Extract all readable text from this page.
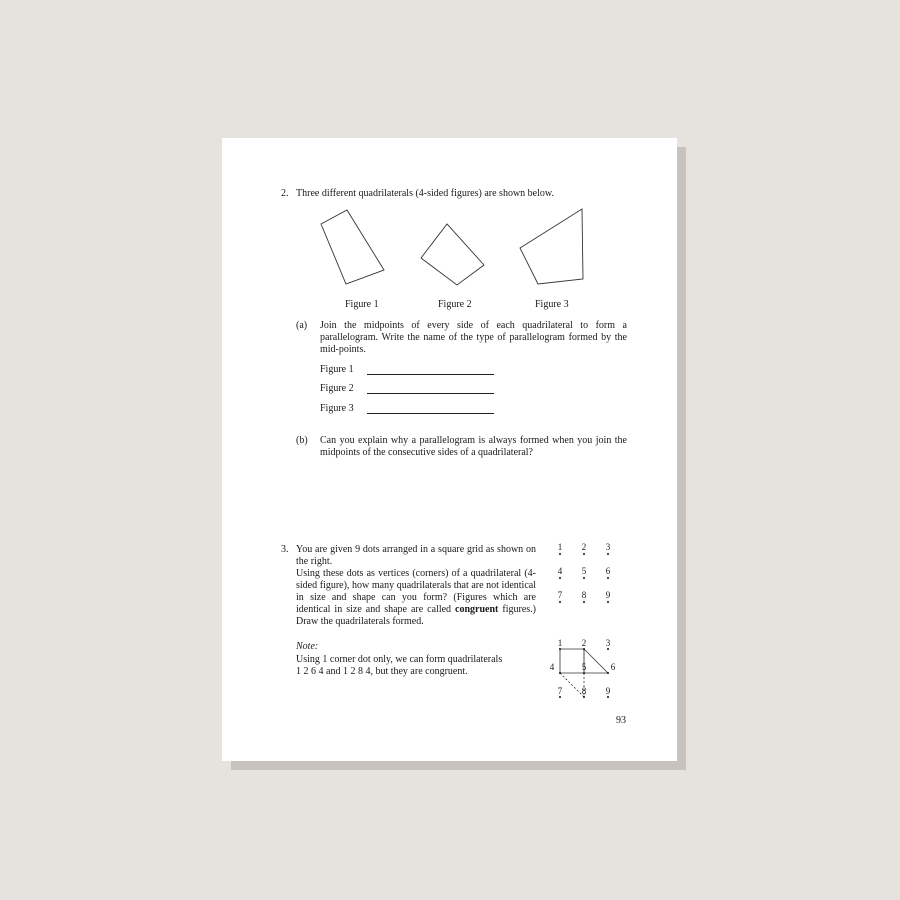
2. Three different quadrilaterals (4-sided figures) are shown below.
Figure 1	Figure 2	Figure 3
(a) Join the midpoints of every side of each quadrilateral to form a parallelogram. Write the name of the type of parallelogram formed by the mid-points.
Figure 1
Figure 2
Figure 3
(b) Can you explain why a parallelogram is always formed when you join the midpoints of the consecutive sides of a quadrilateral?
3. You are given 9 dots arranged in a square grid as shown on the right.
Using these dots as vertices (corners) of a quadrilateral (4-sided figure), how many quadrilaterals that are not identical in size and shape can you form? (Figures which are identical in size and shape are called congruent figures.) Draw the quadrilaterals formed.
Note:
Using 1 corner dot only, we can form quadrilaterals
1 2 6 4 and 1 2 8 4, but they are congruent.
1	2	3
4	5	6
7	8	9
1	2	3
4	5	6
7	8	9
93
